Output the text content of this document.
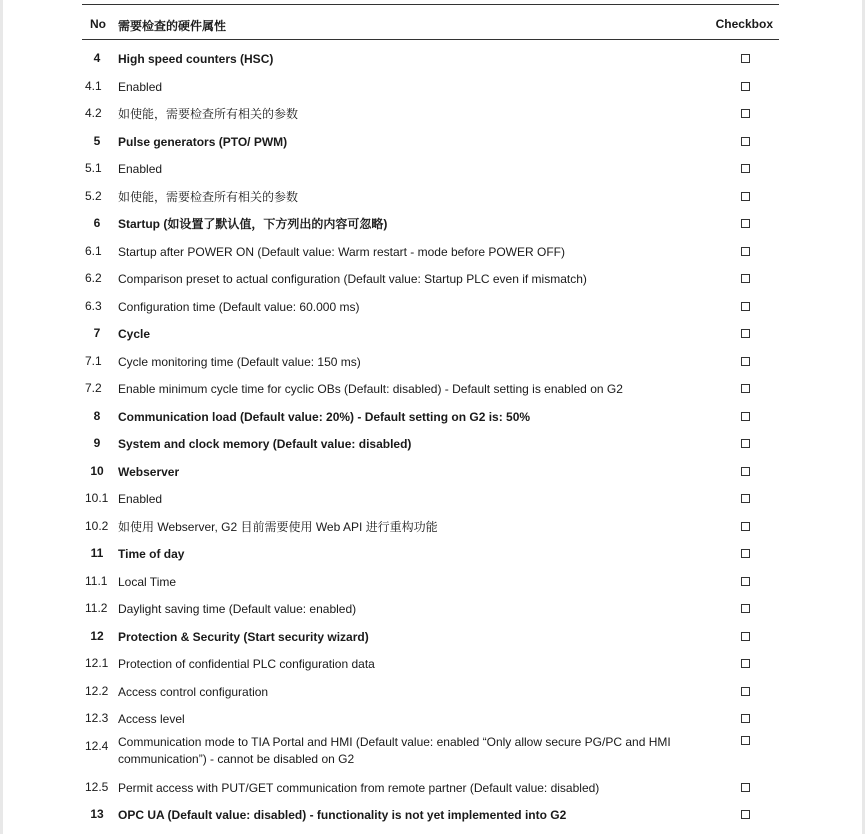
No 需要检查的硬件属性	Checkbox
4	High speed counters (HSC)
4.1 Enabled
4.2 如使能，需要检查所有相关的参数
5	Pulse generators (PTO/ PWM)
5.1 Enabled
5.2 如使能，需要检查所有相关的参数
6	Startup (如设置了默认值，下方列出的内容可忽略)
6.1 Startup after POWER ON (Default value: Warm restart - mode before POWER OFF)
6.2 Comparison preset to actual configuration (Default value: Startup PLC even if mismatch)
6.3 Configuration time (Default value: 60.000 ms)
7	Cycle
7.1 Cycle monitoring time (Default value: 150 ms)
7.2 Enable minimum cycle time for cyclic OBs (Default: disabled) - Default setting is enabled on G2
8	Communication load (Default value: 20%) - Default setting on G2 is: 50%
9	System and clock memory (Default value: disabled)
10	Webserver
10.1 Enabled
10.2 如使用 Webserver, G2 目前需要使用 Web API 进行重构功能
11	Time of day
11.1 Local Time
11.2 Daylight saving time (Default value: enabled)
12	Protection & Security (Start security wizard)
12.1 Protection of confidential PLC configuration data
12.2 Access control configuration
12.3 Access level
12.4 Communication mode to TIA Portal and HMI (Default value: enabled “Only allow secure PG/PC and HMI communication”) - cannot be disabled on G2
12.5 Permit access with PUT/GET communication from remote partner (Default value: disabled)
13	OPC UA (Default value: disabled) - functionality is not yet implemented into G2
